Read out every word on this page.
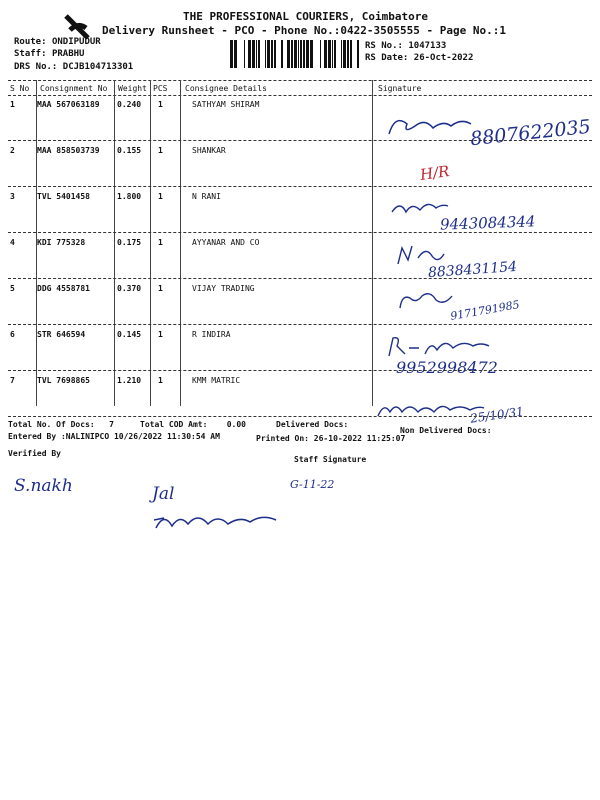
THE PROFESSIONAL COURIERS, Coimbatore
Delivery Runsheet - PCO - Phone No.:0422-3505555 - Page No.:1
Route: ONDIPUDUR
Staff: PRABHU
DRS No.: DCJB104713301
RS No.: 1047133
RS Date: 26-Oct-2022
S No Consignment No Weight PCS Consignee Details	Signature
1	MAA 567063189 0.240 1	SATHYAM SHIRAM
8807622035
2	MAA 858503739 0.155 1	SHANKAR
H/R
3	TVL 5401458	1.800 1	N RANI
9443084344
4	KDI 775328	0.175 1	AYYANAR AND CO
8838431154
5	DDG 4558781	0.370 1	VIJAY TRADING
9171791985
6	STR 646594	0.145 1	R INDIRA
9952998472
7	TVL 7698865	1.210 1	KMM MATRIC
25/10/31
Total No. Of Docs: 7	Total COD Amt: 0.00	Delivered Docs:
Non Delivered Docs:
Entered By :NALINIPCO 10/26/2022 11:30:54 AM	Printed On: 26-10-2022 11:25:07
Verified By
Staff Signature
S.nakh	Jal	G-11-22
